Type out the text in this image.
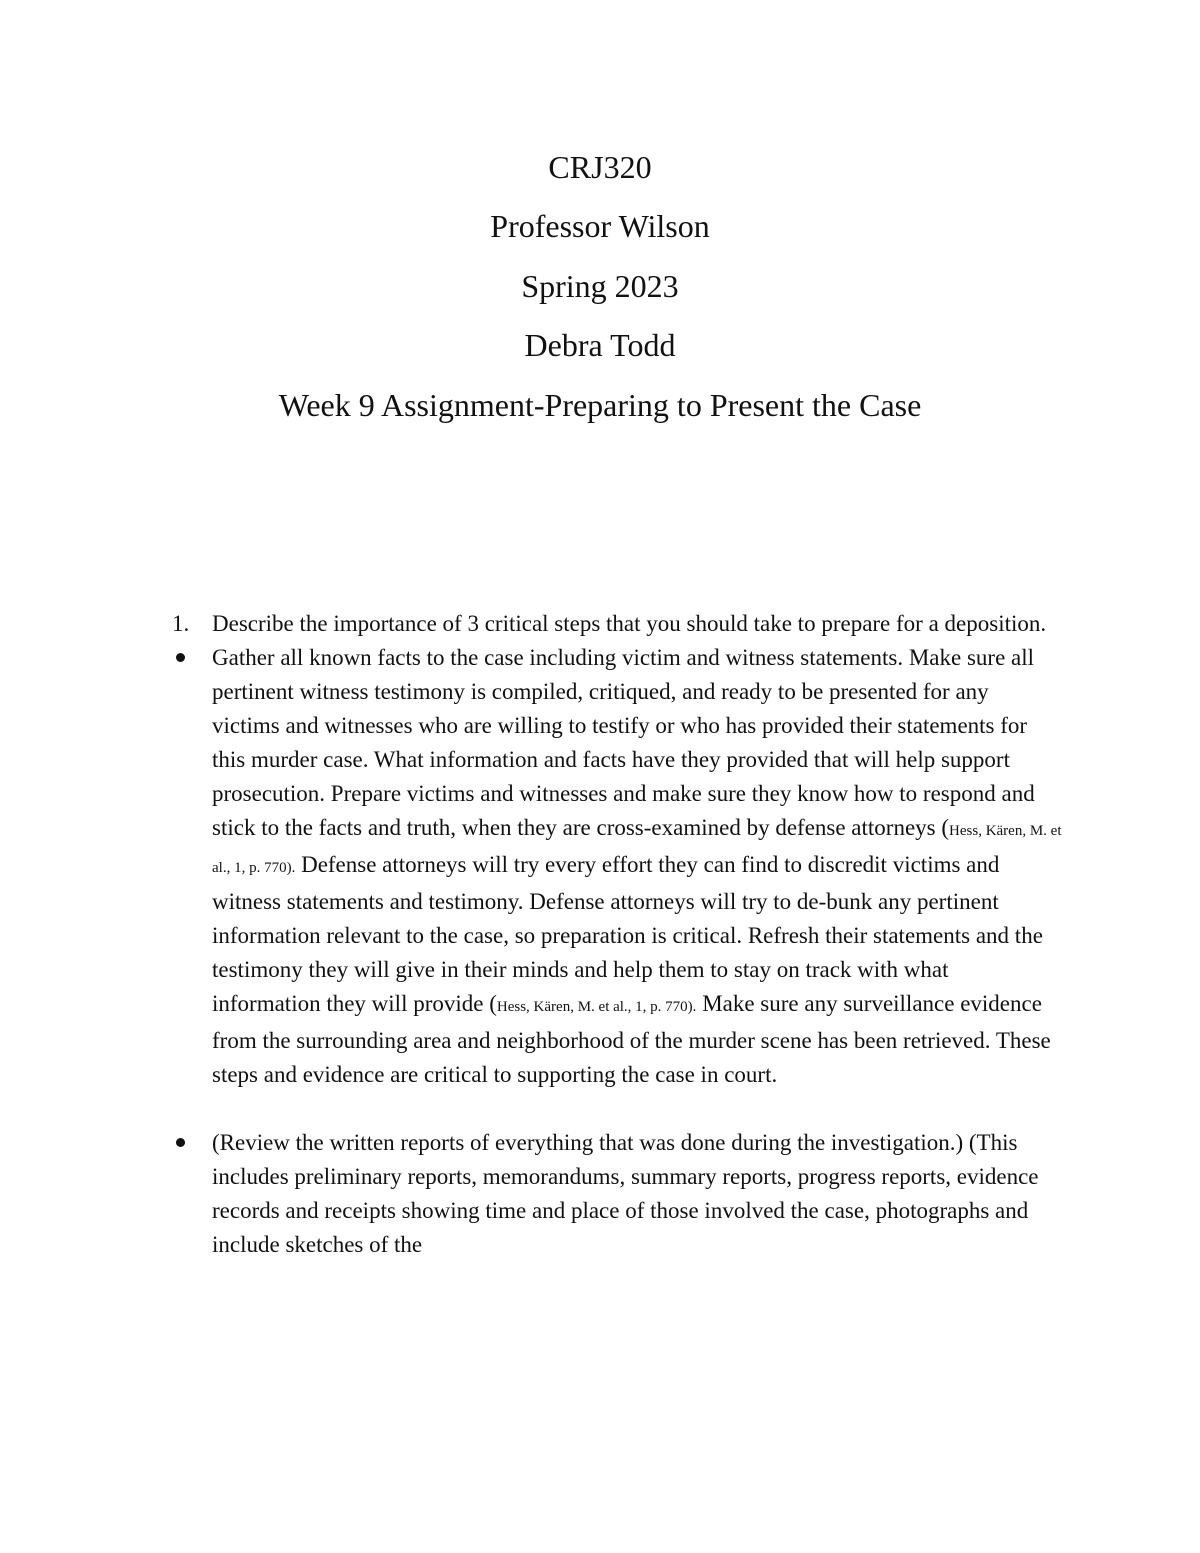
CRJ320
Professor Wilson
Spring 2023
Debra Todd
Week 9 Assignment-Preparing to Present the Case
1. Describe the importance of 3 critical steps that you should take to prepare for a deposition.
Gather all known facts to the case including victim and witness statements. Make sure all pertinent witness testimony is compiled, critiqued, and ready to be presented for any victims and witnesses who are willing to testify or who has provided their statements for this murder case. What information and facts have they provided that will help support prosecution. Prepare victims and witnesses and make sure they know how to respond and stick to the facts and truth, when they are cross-examined by defense attorneys (Hess, Kären, M. et al., 1, p. 770). Defense attorneys will try every effort they can find to discredit victims and witness statements and testimony. Defense attorneys will try to de-bunk any pertinent information relevant to the case, so preparation is critical. Refresh their statements and the testimony they will give in their minds and help them to stay on track with what information they will provide (Hess, Kären, M. et al., 1, p. 770). Make sure any surveillance evidence from the surrounding area and neighborhood of the murder scene has been retrieved. These steps and evidence are critical to supporting the case in court.
(Review the written reports of everything that was done during the investigation.) (This includes preliminary reports, memorandums, summary reports, progress reports, evidence records and receipts showing time and place of those involved the case, photographs and include sketches of the
